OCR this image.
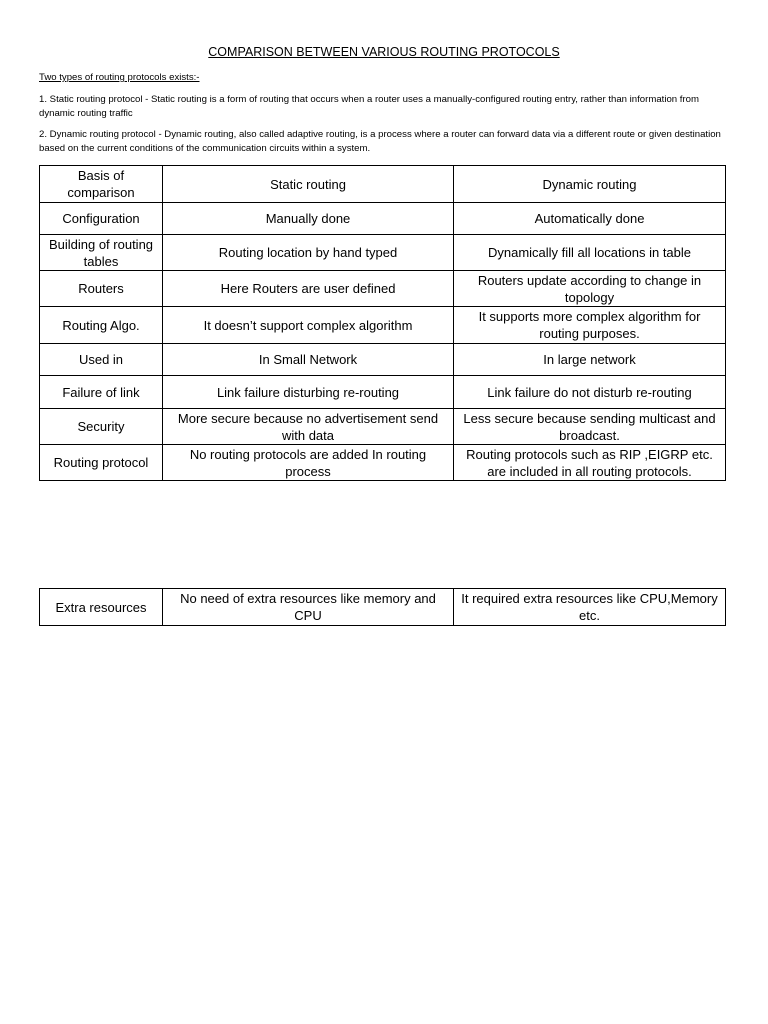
COMPARISON BETWEEN VARIOUS ROUTING PROTOCOLS
Two types of routing protocols exists:-
1. Static routing protocol - Static routing is a form of routing that occurs when a router uses a manually-configured routing entry, rather than information from dynamic routing traffic
2. Dynamic routing protocol - Dynamic routing, also called adaptive routing, is a process where a router can forward data via a different route or given destination based on the current conditions of the communication circuits within a system.
Basis of comparison	Static routing	Dynamic routing
Configuration	Manually done	Automatically done
Building of routing tables	Routing location by hand typed	Dynamically fill all locations in table
Routers	Here Routers are user defined	Routers update according to change in topology
Routing Algo.	It doesn’t support complex algorithm	It supports more complex algorithm for routing purposes.
Used in	In Small Network	In large network
Failure of link	Link failure disturbing re-routing	Link failure do not disturb re-routing
Security	More secure because no advertisement send with data	Less secure because sending multicast and broadcast.
Routing protocol	No routing protocols are added In routing process	Routing protocols such as RIP ,EIGRP etc. are included in all routing protocols.
Extra resources	No need of extra resources like memory and CPU	It required extra resources like CPU,Memory etc.
